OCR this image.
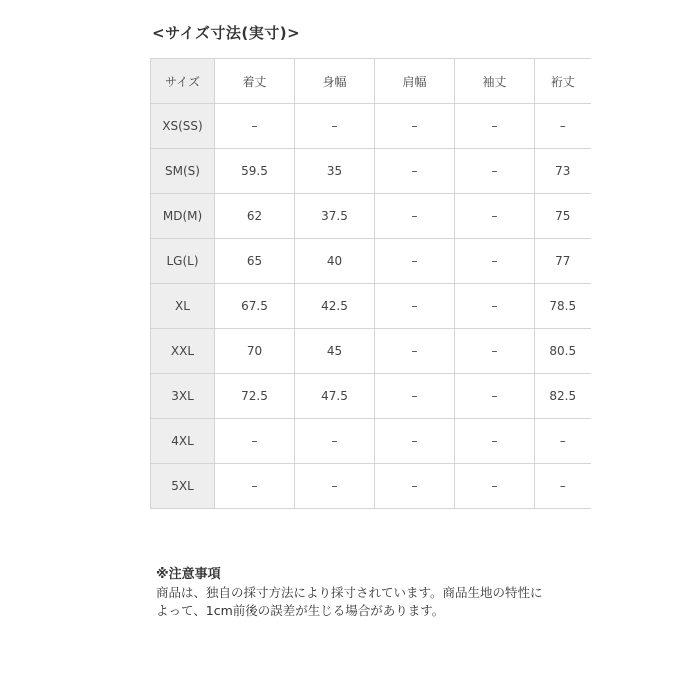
<サイズ寸法(実寸)>
サイズ	着丈	身幅	肩幅	袖丈	裄丈
XS(SS)	–	–	–	–	–
SM(S)	59.5	35	–	–	73
MD(M)	62	37.5	–	–	75
LG(L)	65	40	–	–	77
XL	67.5	42.5	–	–	78.5
XXL	70	45	–	–	80.5
3XL	72.5	47.5	–	–	82.5
4XL	–	–	–	–	–
5XL	–	–	–	–	–
※注意事項
商品は、独自の採寸方法により採寸されています。商品生地の特性に
よって、1cm前後の誤差が生じる場合があります。
